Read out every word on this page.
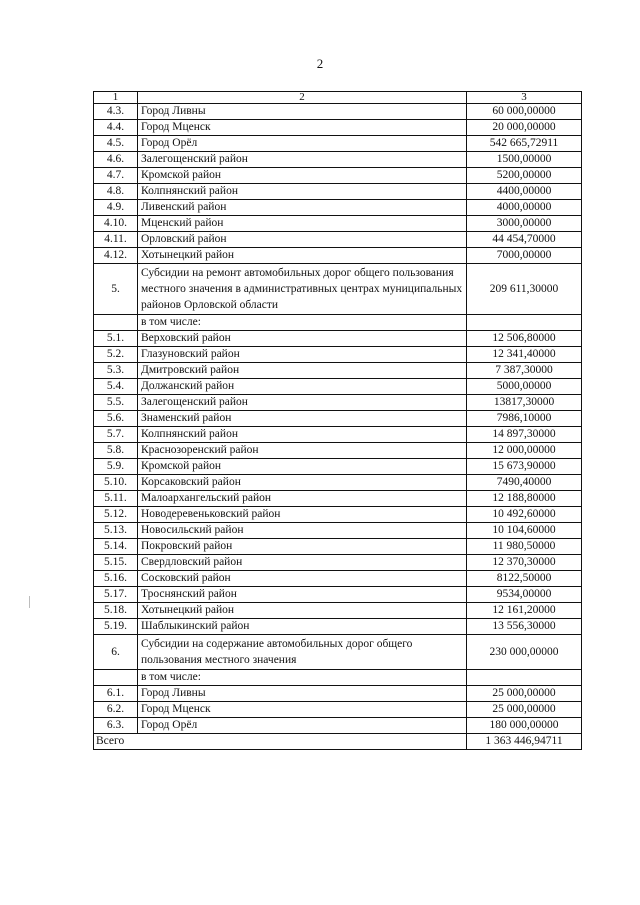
2
1	2	3
4.3.	Город Ливны	60 000,00000
4.4.	Город Мценск	20 000,00000
4.5.	Город Орёл	542 665,72911
4.6.	Залегощенский район	1500,00000
4.7.	Кромской район	5200,00000
4.8.	Колпнянский район	4400,00000
4.9.	Ливенский район	4000,00000
4.10.	Мценский район	3000,00000
4.11.	Орловский район	44 454,70000
4.12.	Хотынецкий район	7000,00000
5.	Субсидии на ремонт автомобильных дорог общего пользования местного значения в административных центрах муниципальных районов Орловской области	209 611,30000
	в том числе:	
5.1.	Верховский район	12 506,80000
5.2.	Глазуновский район	12 341,40000
5.3.	Дмитровский район	7 387,30000
5.4.	Должанский район	5000,00000
5.5.	Залегощенский район	13817,30000
5.6.	Знаменский район	7986,10000
5.7.	Колпнянский район	14 897,30000
5.8.	Краснозоренский район	12 000,00000
5.9.	Кромской район	15 673,90000
5.10.	Корсаковский район	7490,40000
5.11.	Малоархангельский район	12 188,80000
5.12.	Новодеревеньковский район	10 492,60000
5.13.	Новосильский район	10 104,60000
5.14.	Покровский район	11 980,50000
5.15.	Свердловский район	12 370,30000
5.16.	Сосковский район	8122,50000
5.17.	Троснянский район	9534,00000
5.18.	Хотынецкий район	12 161,20000
5.19.	Шаблыкинский район	13 556,30000
6.	Субсидии на содержание автомобильных дорог общего пользования местного значения	230 000,00000
	в том числе:	
6.1.	Город Ливны	25 000,00000
6.2.	Город Мценск	25 000,00000
6.3.	Город Орёл	180 000,00000
Всего		1 363 446,94711
